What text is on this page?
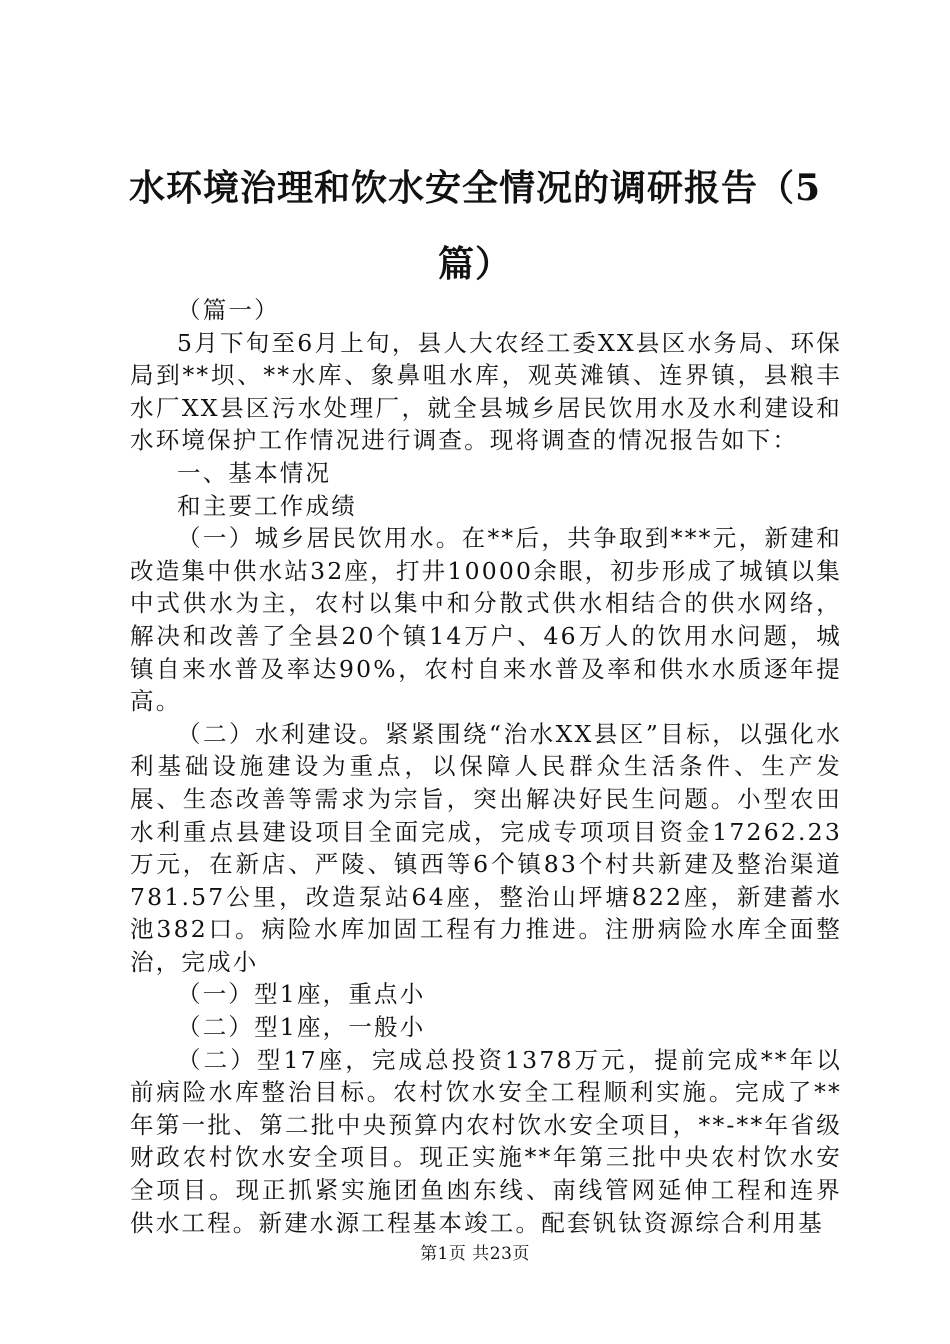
水环境治理和饮水安全情况的调研报告（5篇）

（篇一）

5月下旬至6月上旬，县人大农经工委XX县区水务局、环保局到**坝、**水库、象鼻咀水库，观英滩镇、连界镇，县粮丰水厂XX县区污水处理厂，就全县城乡居民饮用水及水利建设和水环境保护工作情况进行调查。现将调查的情况报告如下：

一、基本情况

和主要工作成绩

（一）城乡居民饮用水。在**后，共争取到***元，新建和改造集中供水站32座，打井10000余眼，初步形成了城镇以集中式供水为主，农村以集中和分散式供水相结合的供水网络，解决和改善了全县20个镇14万户、46万人的饮用水问题，城镇自来水普及率达90%，农村自来水普及率和供水水质逐年提高。

（二）水利建设。紧紧围绕“治水XX县区”目标，以强化水利基础设施建设为重点，以保障人民群众生活条件、生产发展、生态改善等需求为宗旨，突出解决好民生问题。小型农田水利重点县建设项目全面完成，完成专项项目资金17262.23万元，在新店、严陵、镇西等6个镇83个村共新建及整治渠道781.57公里，改造泵站64座，整治山坪塘822座，新建蓄水池382口。病险水库加固工程有力推进。注册病险水库全面整治，完成小

（一）型1座，重点小

（二）型1座，一般小

（二）型17座，完成总投资1378万元，提前完成**年以前病险水库整治目标。农村饮水安全工程顺利实施。完成了**年第一批、第二批中央预算内农村饮水安全项目，**-**年省级财政农村饮水安全项目。现正实施**年第三批中央农村饮水安全项目。现正抓紧实施团鱼凼东线、南线管网延伸工程和连界供水工程。新建水源工程基本竣工。配套钒钛资源综合利用基

第1页 共23页
